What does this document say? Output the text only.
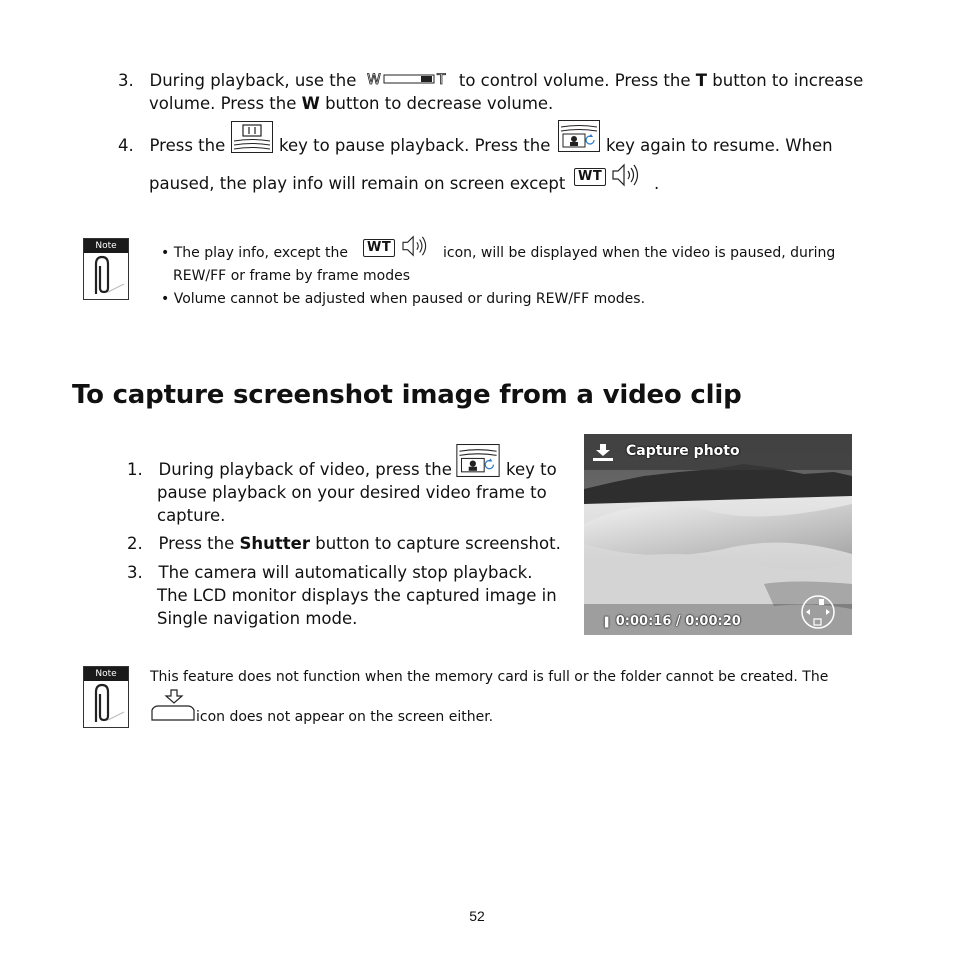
3. During playback, use the W	T to control volume. Press the T button to increase
volume. Press the W button to decrease volume.
4. Press the	key to pause playback. Press the	key again to resume. When
paused, the play info will remain on screen except WT	.
Note	• The play info, except the	WT	icon, will be displayed when the video is paused, during
REW/FF or frame by frame modes
• Volume cannot be adjusted when paused or during REW/FF modes.
To capture screenshot image from a video clip
1. During playback of video, press the	key to
pause playback on your desired video frame to
capture.
2. Press the Shutter button to capture screenshot.
3. The camera will automatically stop playback.
The LCD monitor displays the captured image in
Single navigation mode.
Capture photo
❚ 0:00:16 / 0:00:20
Note	This feature does not function when the memory card is full or the folder cannot be created. The
icon does not appear on the screen either.
52
